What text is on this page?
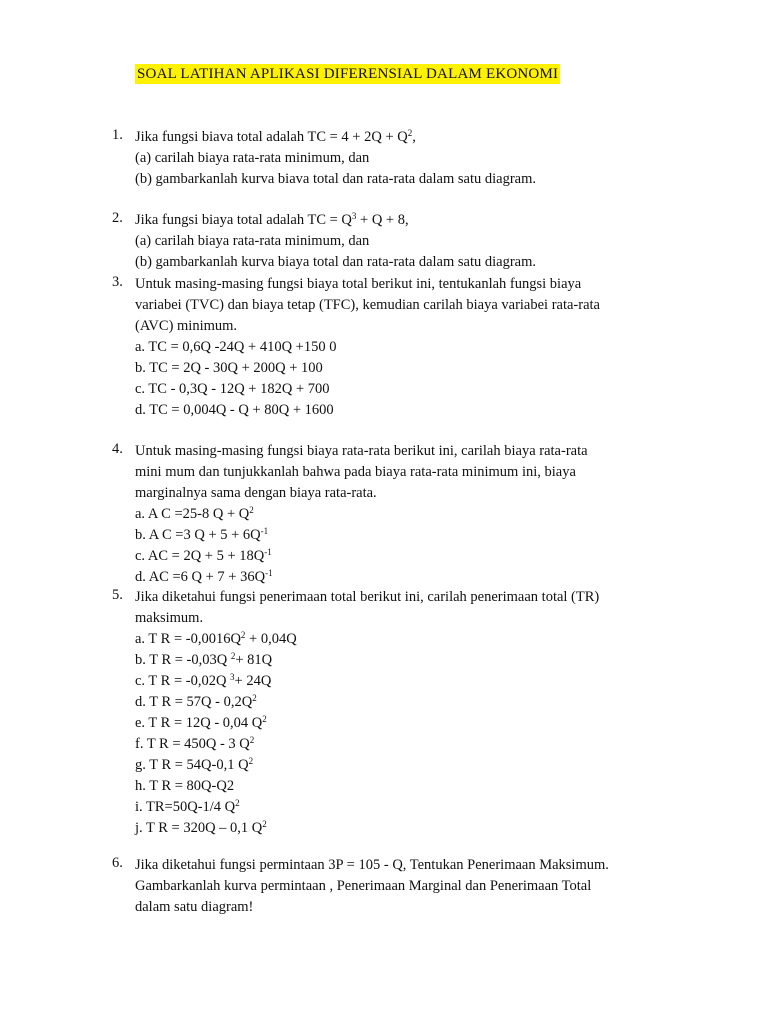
SOAL LATIHAN APLIKASI DIFERENSIAL DALAM EKONOMI
1. Jika fungsi biava total adalah TC = $4 + 2Q + Q^2$,
(a) carilah biaya rata-rata minimum, dan
(b) gambarkanlah kurva biava total dan rata-rata dalam satu diagram.
2. Jika fungsi biaya total adalah TC = $Q^3 + Q + 8$,
(a) carilah biaya rata-rata minimum, dan
(b) gambarkanlah kurva biaya total dan rata-rata dalam satu diagram.
3. Untuk masing-masing fungsi biaya total berikut ini, tentukanlah fungsi biaya
variabei (TVC) dan biaya tetap (TFC), kemudian carilah biaya variabei rata-rata
(AVC) minimum.
a. TC = 0,6Q -24Q + 410Q +150 0
b. TC = 2Q - 30Q + 200Q + 100
c. TC - 0,3Q - 12Q + 182Q + 700
d. TC = 0,004Q - Q + 80Q + 1600
4. Untuk masing-masing fungsi biaya rata-rata berikut ini, carilah biaya rata-rata
mini mum dan tunjukkanlah bahwa pada biaya rata-rata minimum ini, biaya
marginalnya sama dengan biaya rata-rata.
a. A C =25-8 $Q + Q^2$
b. A C =3 $Q + 5 + 6Q^{-1}$
c. AC = $2Q + 5 + 18Q^{-1}$
d. AC =6 $Q + 7 + 36Q^{-1}$
5. Jika diketahui fungsi penerimaan total berikut ini, carilah penerimaan total (TR)
maksimum.
a. T $R = -0,0016Q^2 + 0,04Q$
b. T R = -0,03Q $^2$+ 81Q
c. T R = -0,02Q $^3$+ 24Q
d. T $R = 57Q - 0,2Q^2$
e. T R = 12Q - 0,04 $Q^2$
f. T R = 450Q - 3 $Q^2$
g. T R = 54Q-0,1 $Q^2$
h. T R = 80Q-Q2
i. TR=50Q-1/4 $Q^2$
j. T R = 320Q – 0,1 $Q^2$
6. Jika diketahui fungsi permintaan 3P = 105 - Q, Tentukan Penerimaan Maksimum.
Gambarkanlah kurva permintaan , Penerimaan Marginal dan Penerimaan Total
dalam satu diagram!
